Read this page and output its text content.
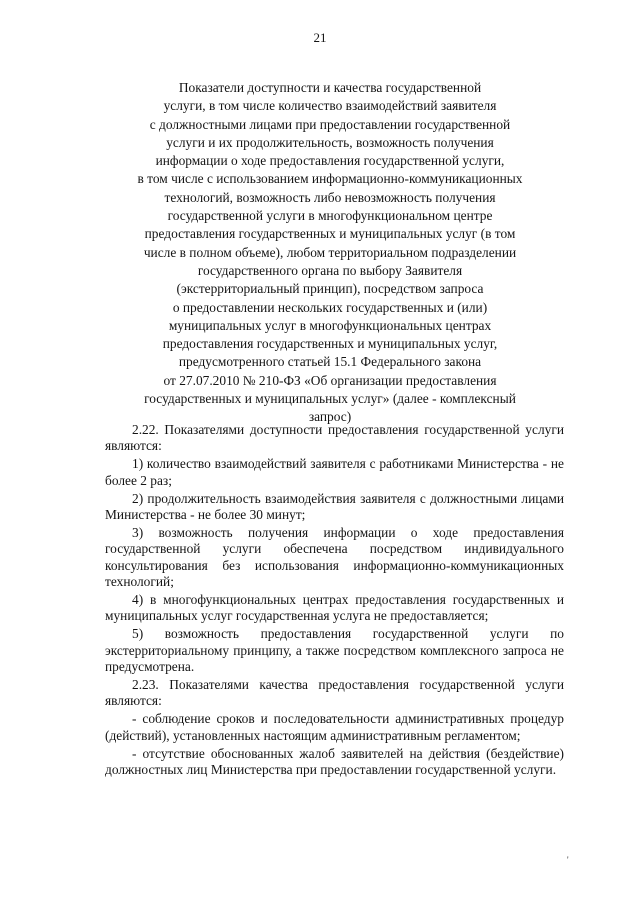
21
Показатели доступности и качества государственной
услуги, в том числе количество взаимодействий заявителя
с должностными лицами при предоставлении государственной
услуги и их продолжительность, возможность получения
информации о ходе предоставления государственной услуги,
в том числе с использованием информационно-коммуникационных
технологий, возможность либо невозможность получения
государственной услуги в многофункциональном центре
предоставления государственных и муниципальных услуг (в том
числе в полном объеме), любом территориальном подразделении
государственного органа по выбору Заявителя
(экстерриториальный принцип), посредством запроса
о предоставлении нескольких государственных и (или)
муниципальных услуг в многофункциональных центрах
предоставления государственных и муниципальных услуг,
предусмотренного статьей 15.1 Федерального закона
от 27.07.2010 № 210-ФЗ «Об организации предоставления
государственных и муниципальных услуг» (далее - комплексный
запрос)

2.22. Показателями доступности предоставления государственной услуги являются:

1) количество взаимодействий заявителя с работниками Министерства - не более 2 раз;

2) продолжительность взаимодействия заявителя с должностными лицами Министерства - не более 30 минут;

3) возможность получения информации о ходе предоставления государственной услуги обеспечена посредством индивидуального консультирования без использования информационно-коммуникационных технологий;

4) в многофункциональных центрах предоставления государственных и муниципальных услуг государственная услуга не предоставляется;

5) возможность предоставления государственной услуги по экстерриториальному принципу, а также посредством комплексного запроса не предусмотрена.

2.23. Показателями качества предоставления государственной услуги являются:

- соблюдение сроков и последовательности административных процедур (действий), установленных настоящим административным регламентом;

- отсутствие обоснованных жалоб заявителей на действия (бездействие) должностных лиц Министерства при предоставлении государственной услуги.

'
